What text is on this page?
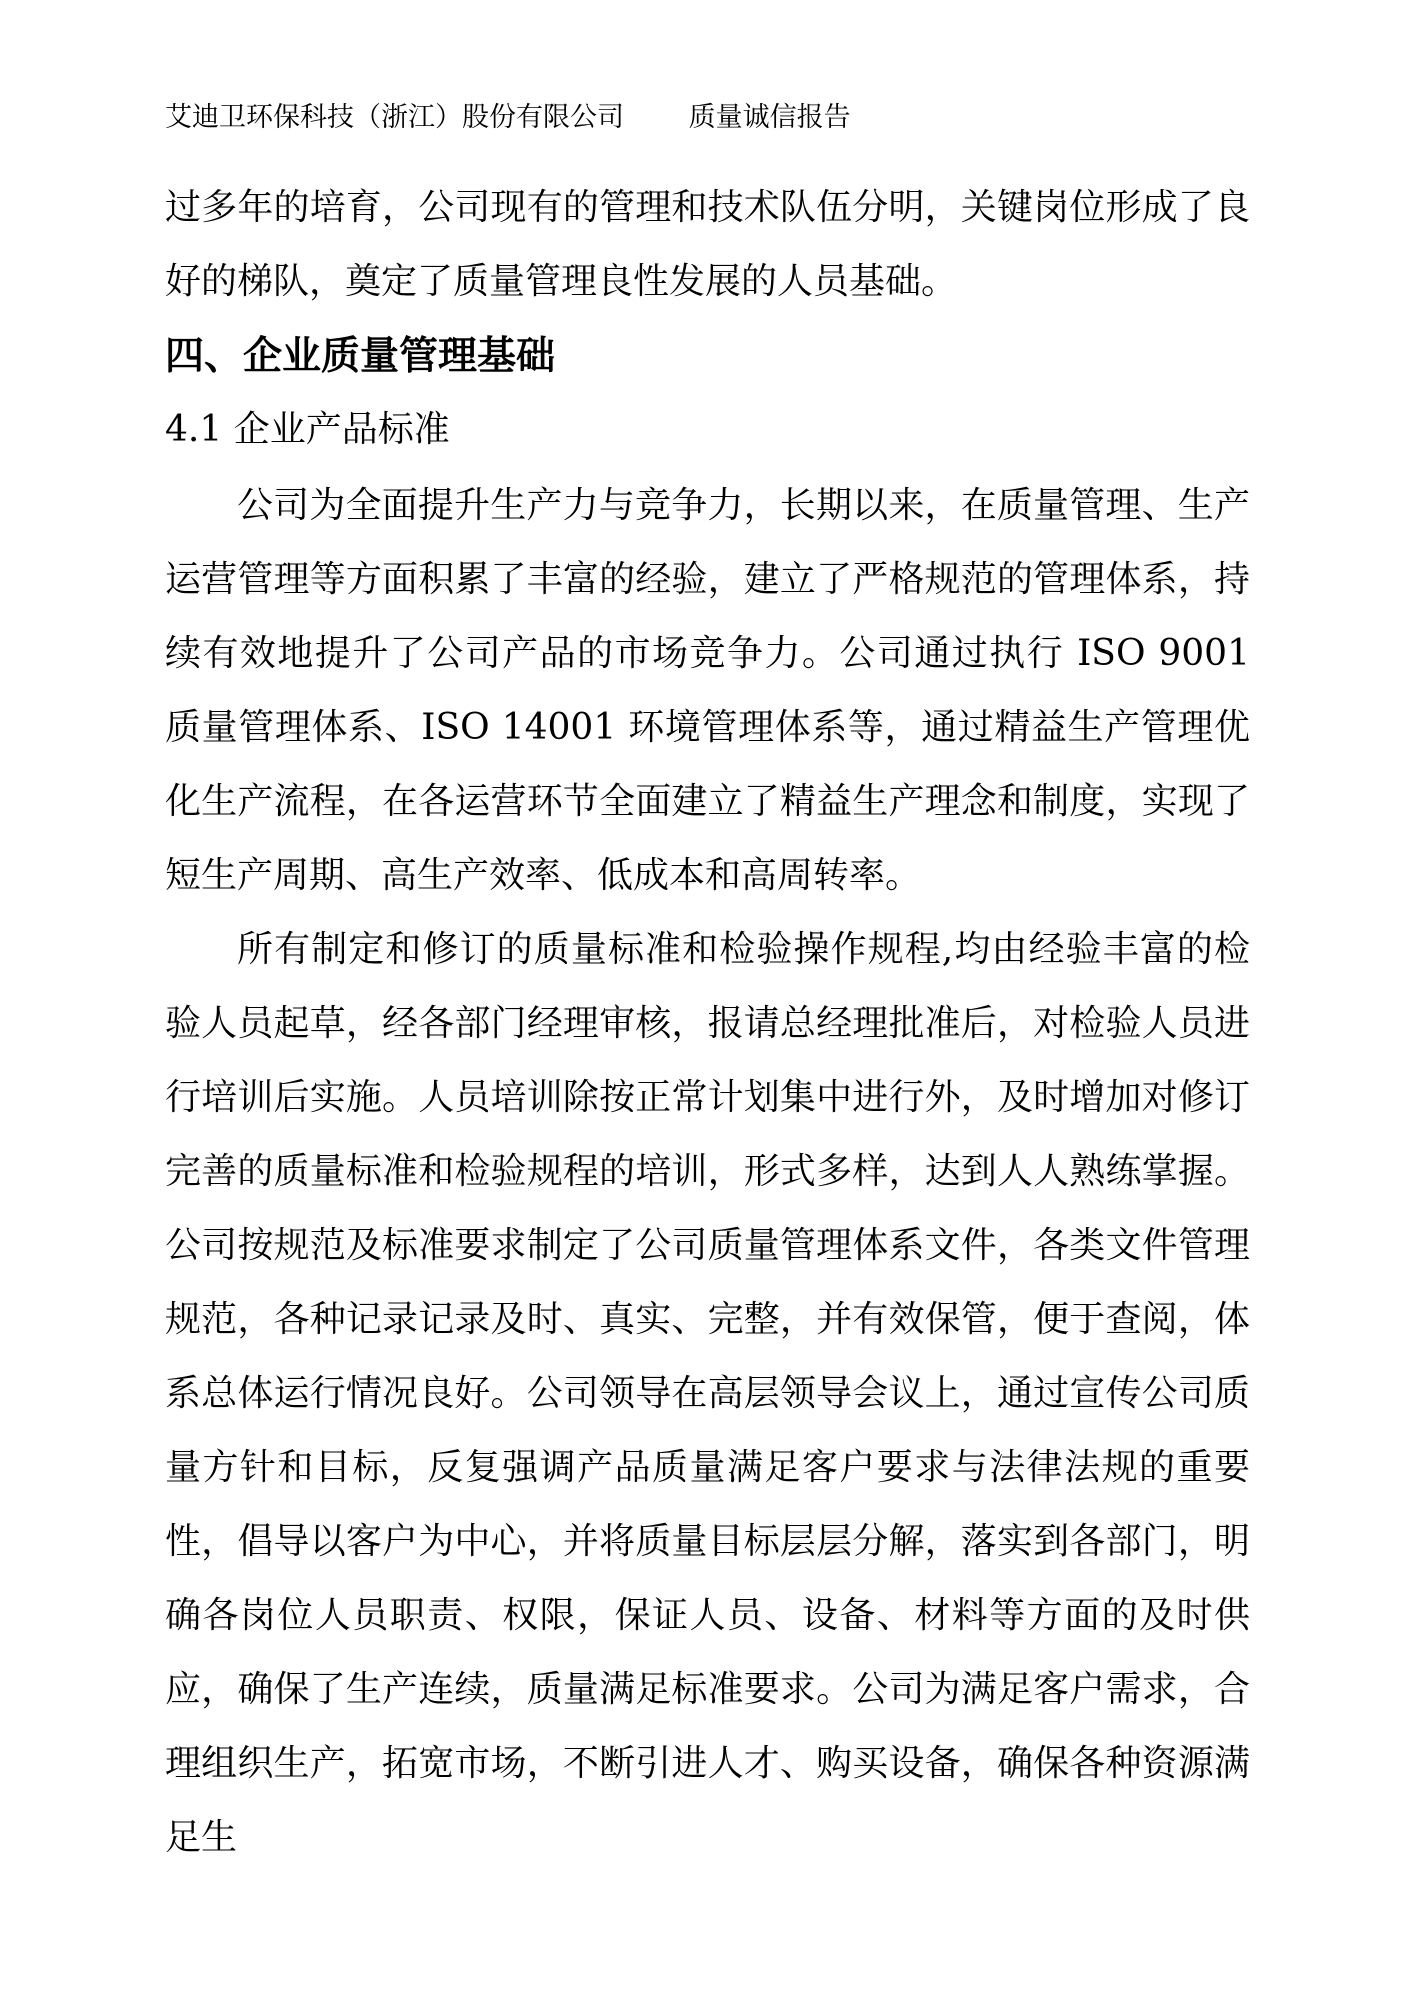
艾迪卫环保科技（浙江）股份有限公司 质量诚信报告

过多年的培育，公司现有的管理和技术队伍分明，关键岗位形成了良好的梯队，奠定了质量管理良性发展的人员基础。

四、企业质量管理基础
4.1 企业产品标准

公司为全面提升生产力与竞争力，长期以来，在质量管理、生产运营管理等方面积累了丰富的经验，建立了严格规范的管理体系，持续有效地提升了公司产品的市场竞争力。公司通过执行 ISO 9001 质量管理体系、ISO 14001 环境管理体系等，通过精益生产管理优化生产流程，在各运营环节全面建立了精益生产理念和制度，实现了短生产周期、高生产效率、低成本和高周转率。

所有制定和修订的质量标准和检验操作规程,均由经验丰富的检验人员起草，经各部门经理审核，报请总经理批准后，对检验人员进行培训后实施。人员培训除按正常计划集中进行外，及时增加对修订完善的质量标准和检验规程的培训，形式多样，达到人人熟练掌握。公司按规范及标准要求制定了公司质量管理体系文件，各类文件管理规范，各种记录记录及时、真实、完整，并有效保管，便于查阅，体系总体运行情况良好。公司领导在高层领导会议上，通过宣传公司质量方针和目标，反复强调产品质量满足客户要求与法律法规的重要性，倡导以客户为中心，并将质量目标层层分解，落实到各部门，明确各岗位人员职责、权限，保证人员、设备、材料等方面的及时供应，确保了生产连续，质量满足标准要求。公司为满足客户需求，合理组织生产，拓宽市场，不断引进人才、购买设备，确保各种资源满足生
